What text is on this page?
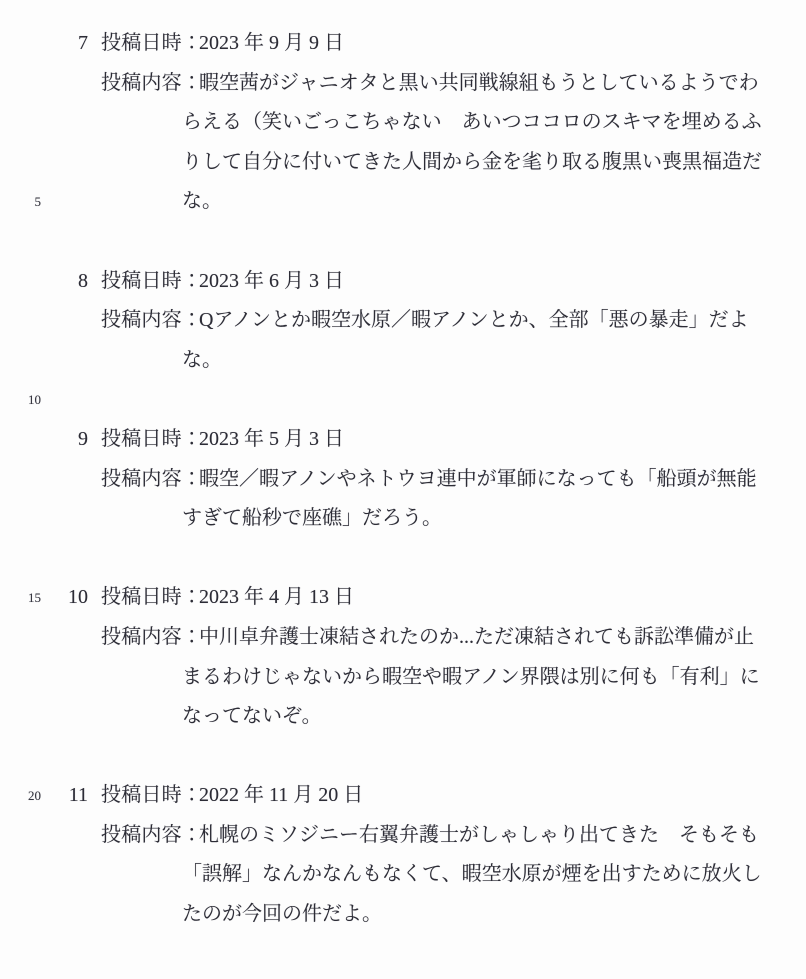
7 投稿日時：
2023 年 9 月 9 日
投稿内容：
暇空茜がジャニオタと黒い共同戦線組もうとしているようでわ
らえる（笑いごっこちゃない　あいつココロのスキマを埋めるふ
りして自分に付いてきた人間から金を毟り取る腹黒い喪黒福造だ
5	な。
8 投稿日時：
2023 年 6 月 3 日
投稿内容：
Qアノンとか暇空水原／暇アノンとか、全部「悪の暴走」だよ
な。
10
9 投稿日時：
2023 年 5 月 3 日
投稿内容：
暇空／暇アノンやネトウヨ連中が軍師になっても「船頭が無能
すぎて船秒で座礁」だろう。
15	10 投稿日時：
2023 年 4 月 13 日
投稿内容：
中川卓弁護士凍結されたのか...ただ凍結されても訴訟準備が止
まるわけじゃないから暇空や暇アノン界隈は別に何も「有利」に
なってないぞ。
20	11 投稿日時：
2022 年 11 月 20 日
投稿内容：
札幌のミソジニー右翼弁護士がしゃしゃり出てきた　そもそも
「誤解」なんかなんもなくて、暇空水原が煙を出すために放火し
たのが今回の件だよ。
